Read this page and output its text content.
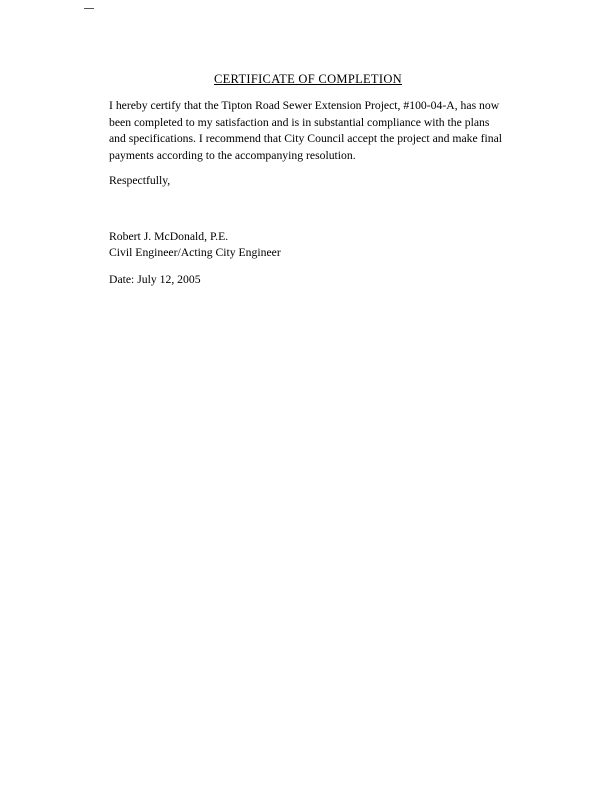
CERTIFICATE OF COMPLETION
I hereby certify that the Tipton Road Sewer Extension Project, #100-04-A, has now been completed to my satisfaction and is in substantial compliance with the plans and specifications. I recommend that City Council accept the project and make final payments according to the accompanying resolution.
Respectfully,
Robert J. McDonald, P.E.
Civil Engineer/Acting City Engineer
Date: July 12, 2005
